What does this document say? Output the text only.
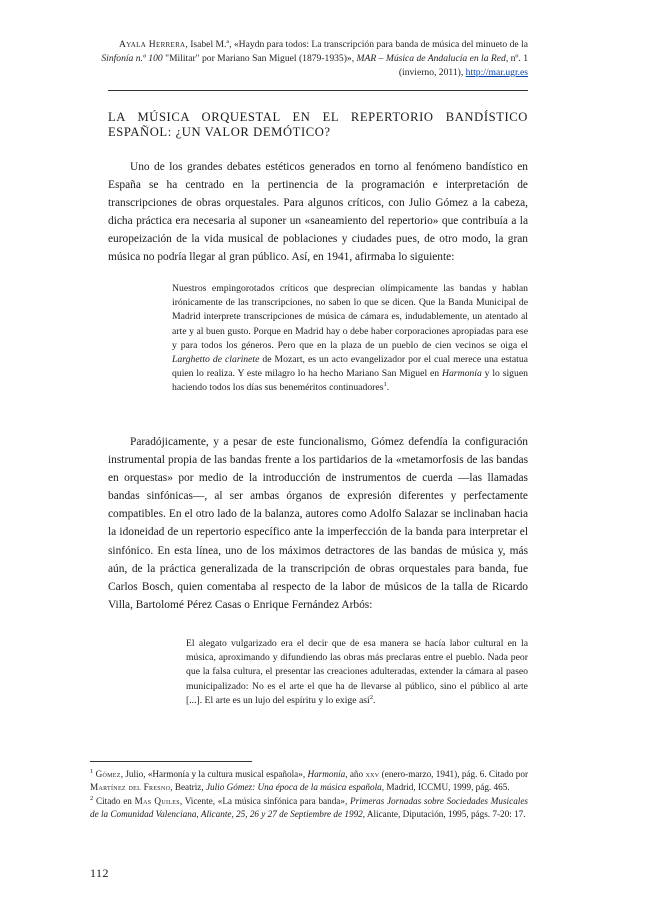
Ayala Herrera, Isabel M.ª, «Haydn para todos: La transcripción para banda de música del minueto de la Sinfonía n.º 100 "Militar" por Mariano San Miguel (1879-1935)», MAR – Música de Andalucía en la Red, nº. 1 (invierno, 2011), http://mar.ugr.es
LA MÚSICA ORQUESTAL EN EL REPERTORIO BANDÍSTICO ESPAÑOL: ¿UN VALOR DEMÓTICO?

Uno de los grandes debates estéticos generados en torno al fenómeno bandístico en España se ha centrado en la pertinencia de la programación e interpretación de transcripciones de obras orquestales. Para algunos críticos, con Julio Gómez a la cabeza, dicha práctica era necesaria al suponer un «saneamiento del repertorio» que contribuía a la europeización de la vida musical de poblaciones y ciudades pues, de otro modo, la gran música no podría llegar al gran público. Así, en 1941, afirmaba lo siguiente:

Nuestros empingorotados críticos que desprecian olímpicamente las bandas y hablan irónicamente de las transcripciones, no saben lo que se dicen. Que la Banda Municipal de Madrid interprete transcripciones de música de cámara es, indudablemente, un atentado al arte y al buen gusto. Porque en Madrid hay o debe haber corporaciones apropiadas para ese y para todos los géneros. Pero que en la plaza de un pueblo de cien vecinos se oiga el Larghetto de clarinete de Mozart, es un acto evangelizador por el cual merece una estatua quien lo realiza. Y este milagro lo ha hecho Mariano San Miguel en Harmonía y lo siguen haciendo todos los días sus beneméritos continuadores$^1$.

Paradójicamente, y a pesar de este funcionalismo, Gómez defendía la configuración instrumental propia de las bandas frente a los partidarios de la «metamorfosis de las bandas en orquestas» por medio de la introducción de instrumentos de cuerda —las llamadas bandas sinfónicas—, al ser ambas órganos de expresión diferentes y perfectamente compatibles. En el otro lado de la balanza, autores como Adolfo Salazar se inclinaban hacia la idoneidad de un repertorio específico ante la imperfección de la banda para interpretar el sinfónico. En esta línea, uno de los máximos detractores de las bandas de música y, más aún, de la práctica generalizada de la transcripción de obras orquestales para banda, fue Carlos Bosch, quien comentaba al respecto de la labor de músicos de la talla de Ricardo Villa, Bartolomé Pérez Casas o Enrique Fernández Arbós:

El alegato vulgarizado era el decir que de esa manera se hacía labor cultural en la música, aproximando y difundiendo las obras más preclaras entre el pueblo. Nada peor que la falsa cultura, el presentar las creaciones adulteradas, extender la cámara al paseo municipalizado: No es el arte el que ha de llevarse al público, sino el público al arte [...]. El arte es un lujo del espíritu y lo exige así$^2$.

$^1$ Gómez, Julio, «Harmonía y la cultura musical española», Harmonía, año xxv (enero-marzo, 1941), pág. 6. Citado por Martínez del Fresno, Beatriz, Julio Gómez: Una época de la música española, Madrid, ICCMU, 1999, pág. 465.

$^2$ Citado en Mas Quiles, Vicente, «La música sinfónica para banda», Primeras Jornadas sobre Sociedades Musicales de la Comunidad Valenciana, Alicante, 25, 26 y 27 de Septiembre de 1992, Alicante, Diputación, 1995, págs. 7-20: 17.

112
